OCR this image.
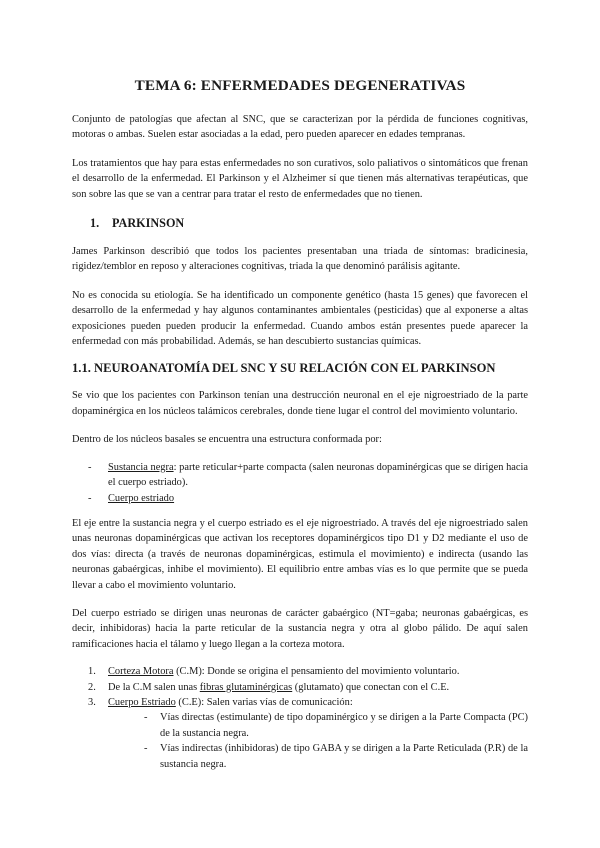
TEMA 6: ENFERMEDADES DEGENERATIVAS

Conjunto de patologías que afectan al SNC, que se caracterizan por la pérdida de funciones cognitivas, motoras o ambas. Suelen estar asociadas a la edad, pero pueden aparecer en edades tempranas.

Los tratamientos que hay para estas enfermedades no son curativos, solo paliativos o sintomáticos que frenan el desarrollo de la enfermedad. El Parkinson y el Alzheimer sí que tienen más alternativas terapéuticas, que son sobre las que se van a centrar para tratar el resto de enfermedades que no tienen.

1. PARKINSON

James Parkinson describió que todos los pacientes presentaban una triada de síntomas: bradicinesia, rigidez/temblor en reposo y alteraciones cognitivas, triada la que denominó parálisis agitante.

No es conocida su etiología. Se ha identificado un componente genético (hasta 15 genes) que favorecen el desarrollo de la enfermedad y hay algunos contaminantes ambientales (pesticidas) que al exponerse a altas exposiciones pueden pueden producir la enfermedad. Cuando ambos están presentes puede aparecer la enfermedad con más probabilidad. Además, se han descubierto sustancias químicas.

1.1. NEUROANATOMÍA DEL SNC Y SU RELACIÓN CON EL PARKINSON

Se vio que los pacientes con Parkinson tenían una destrucción neuronal en el eje nigroestriado de la parte dopaminérgica en los núcleos talámicos cerebrales, donde tiene lugar el control del movimiento voluntario.

Dentro de los núcleos basales se encuentra una estructura conformada por:

- Sustancia negra: parte reticular+parte compacta (salen neuronas dopaminérgicas que se dirigen hacia el cuerpo estriado).
- Cuerpo estriado

El eje entre la sustancia negra y el cuerpo estriado es el eje nigroestriado. A través del eje nigroestriado salen unas neuronas dopaminérgicas que activan los receptores dopaminérgicos tipo D1 y D2 mediante el uso de dos vías: directa (a través de neuronas dopaminérgicas, estimula el movimiento) e indirecta (usando las neuronas gabaérgicas, inhibe el movimiento). El equilibrio entre ambas vías es lo que permite que se pueda llevar a cabo el movimiento voluntario.

Del cuerpo estriado se dirigen unas neuronas de carácter gabaérgico (NT=gaba; neuronas gabaérgicas, es decir, inhibidoras) hacia la parte reticular de la sustancia negra y otra al globo pálido. De aquí salen ramificaciones hacia el tálamo y luego llegan a la corteza motora.

1. Corteza Motora (C.M): Donde se origina el pensamiento del movimiento voluntario.
2. De la C.M salen unas fibras glutaminérgicas (glutamato) que conectan con el C.E.
3. Cuerpo Estriado (C.E): Salen varias vías de comunicación:
- Vías directas (estimulante) de tipo dopaminérgico y se dirigen a la Parte Compacta (PC) de la sustancia negra.
- Vías indirectas (inhibidoras) de tipo GABA y se dirigen a la Parte Reticulada (P.R) de la sustancia negra.
